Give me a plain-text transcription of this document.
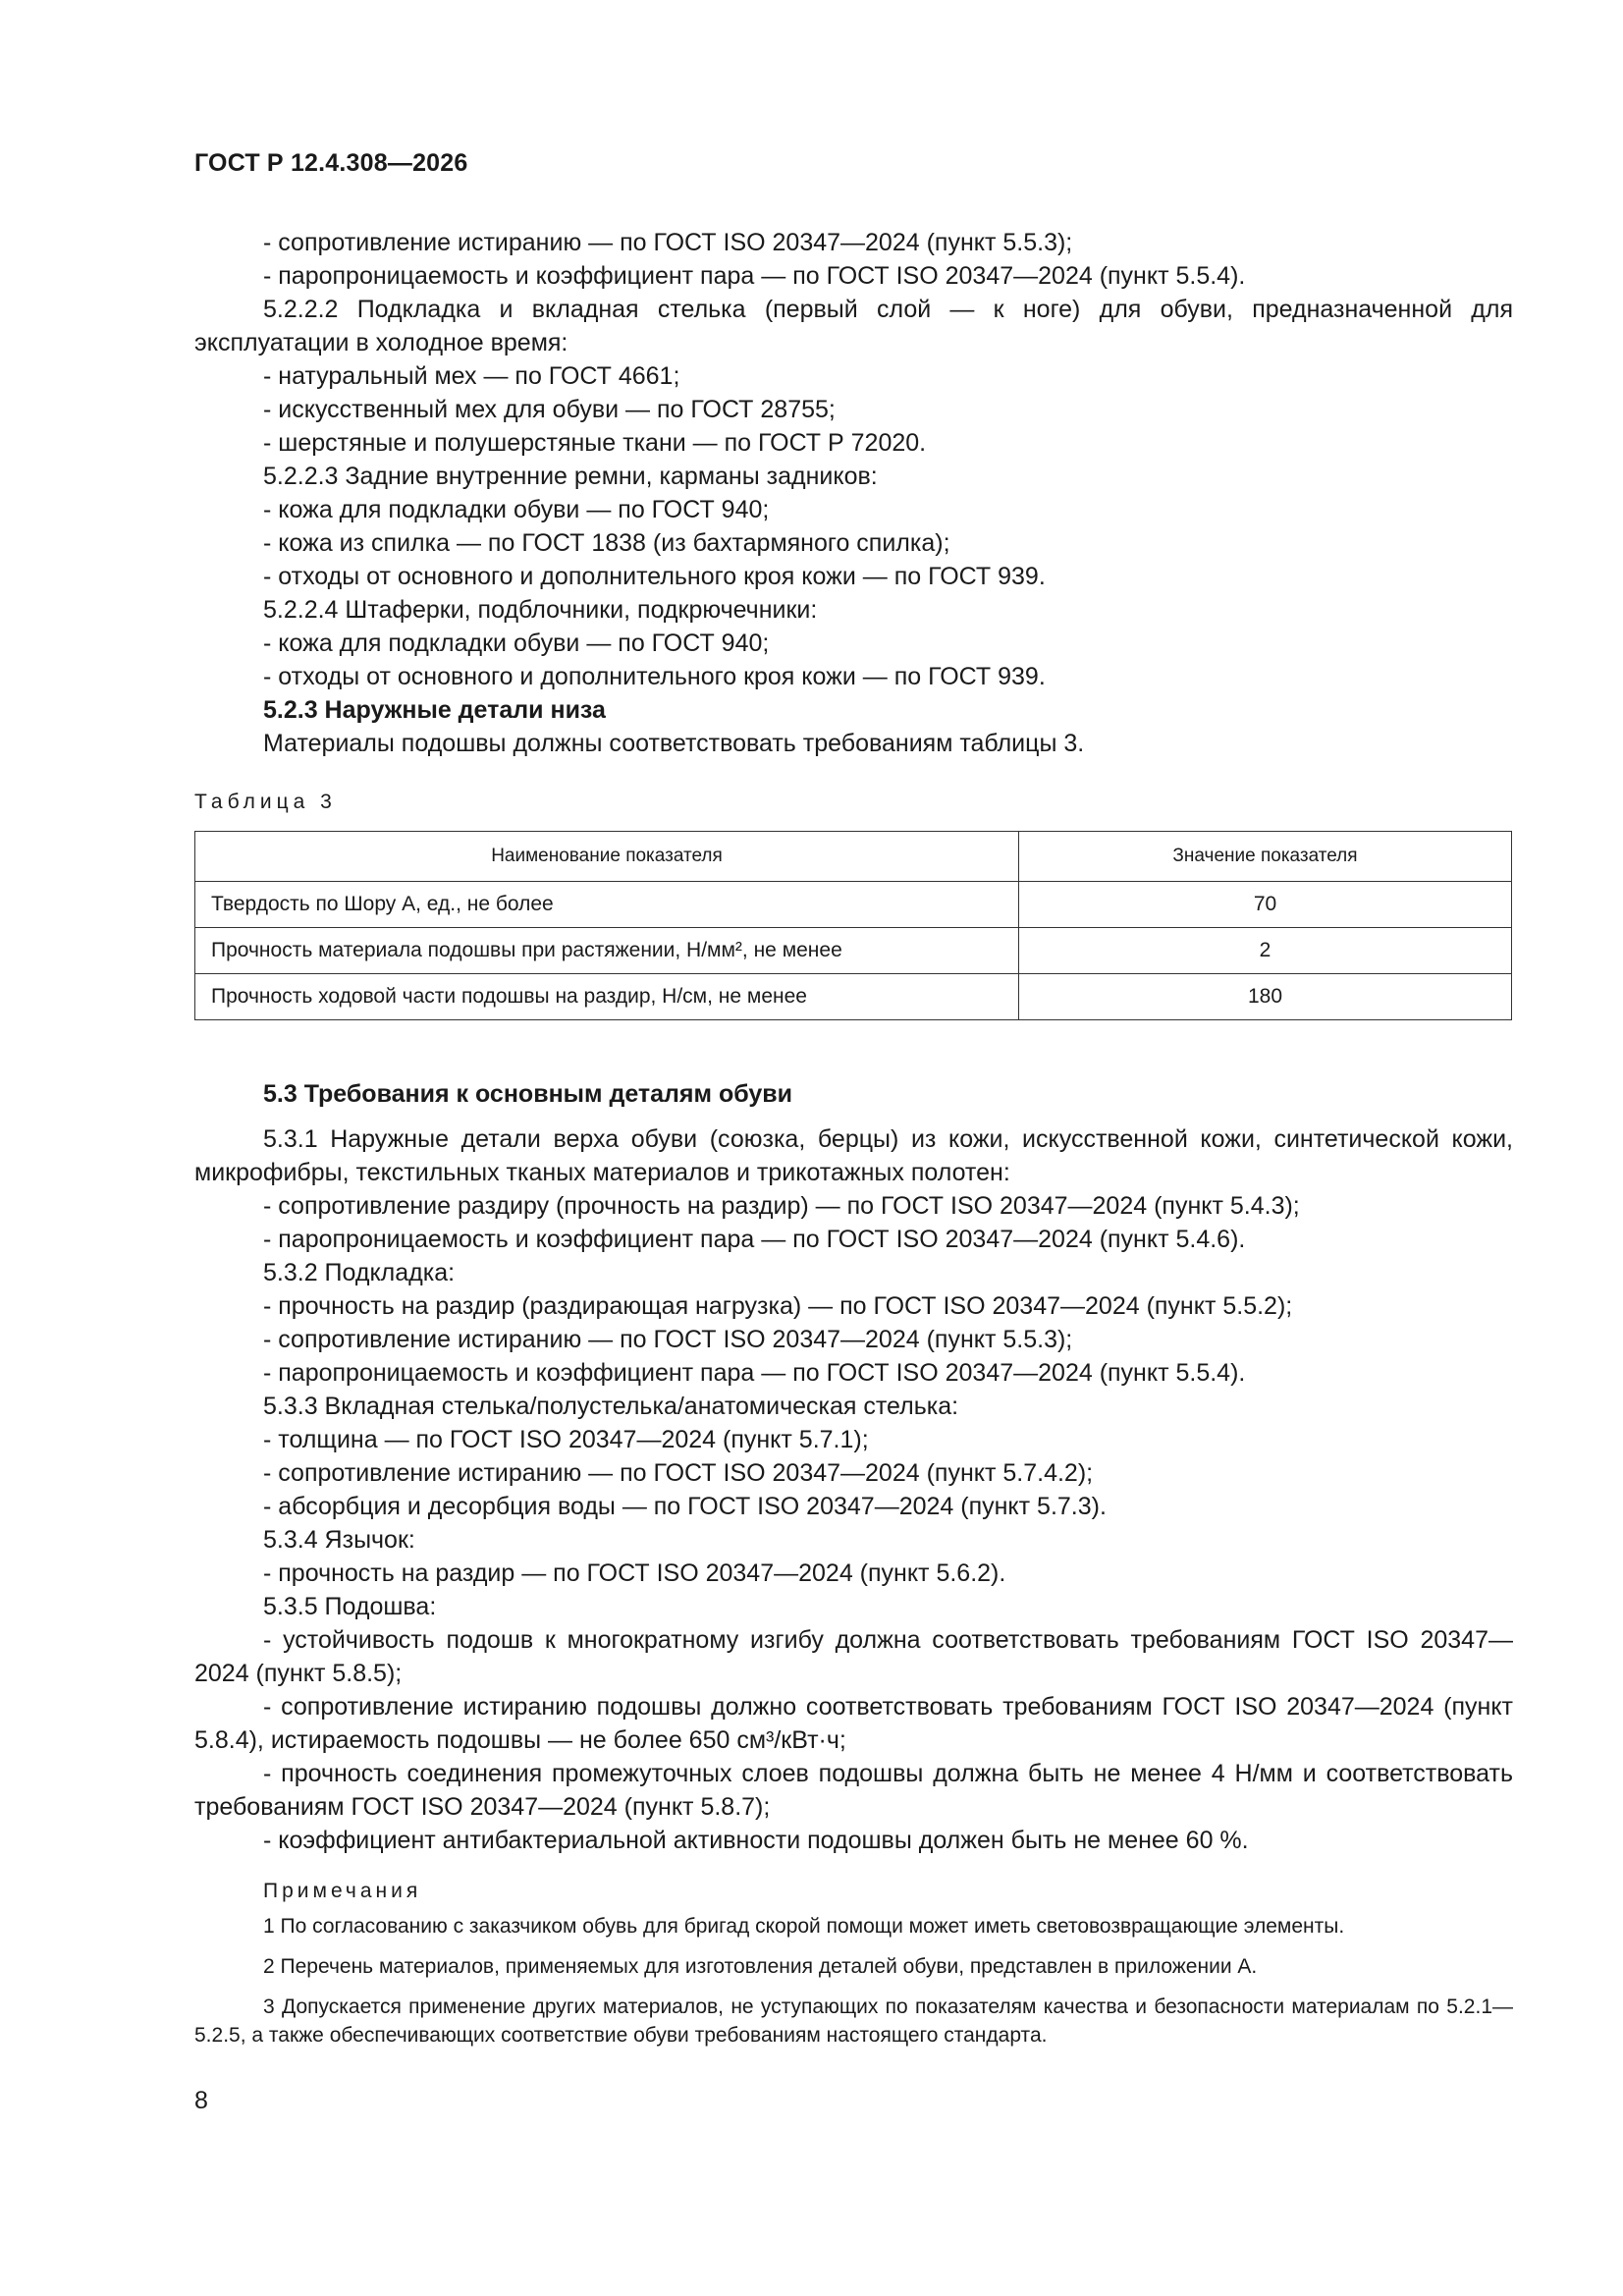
ГОСТ Р 12.4.308—2026

- сопротивление истиранию — по ГОСТ ISO 20347—2024 (пункт 5.5.3);

- паропроницаемость и коэффициент пара — по ГОСТ ISO 20347—2024 (пункт 5.5.4).

5.2.2.2 Подкладка и вкладная стелька (первый слой — к ноге) для обуви, предназначенной для эксплуатации в холодное время:

- натуральный мех — по ГОСТ 4661;

- искусственный мех для обуви — по ГОСТ 28755;

- шерстяные и полушерстяные ткани — по ГОСТ Р 72020.

5.2.2.3 Задние внутренние ремни, карманы задников:

- кожа для подкладки обуви — по ГОСТ 940;

- кожа из спилка — по ГОСТ 1838 (из бахтармяного спилка);

- отходы от основного и дополнительного кроя кожи — по ГОСТ 939.

5.2.2.4 Штаферки, подблочники, подкрючечники:

- кожа для подкладки обуви — по ГОСТ 940;

- отходы от основного и дополнительного кроя кожи — по ГОСТ 939.

5.2.3 Наружные детали низа

Материалы подошвы должны соответствовать требованиям таблицы 3.

Таблица 3

Наименование показателя	Значение показателя
Твердость по Шору А, ед., не более	70
Прочность материала подошвы при растяжении, Н/мм², не менее	2
Прочность ходовой части подошвы на раздир, Н/см, не менее	180

5.3 Требования к основным деталям обуви

5.3.1 Наружные детали верха обуви (союзка, берцы) из кожи, искусственной кожи, синтетической кожи, микрофибры, текстильных тканых материалов и трикотажных полотен:

- сопротивление раздиру (прочность на раздир) — по ГОСТ ISO 20347—2024 (пункт 5.4.3);

- паропроницаемость и коэффициент пара — по ГОСТ ISO 20347—2024 (пункт 5.4.6).

5.3.2 Подкладка:

- прочность на раздир (раздирающая нагрузка) — по ГОСТ ISO 20347—2024 (пункт 5.5.2);

- сопротивление истиранию — по ГОСТ ISO 20347—2024 (пункт 5.5.3);

- паропроницаемость и коэффициент пара — по ГОСТ ISO 20347—2024 (пункт 5.5.4).

5.3.3 Вкладная стелька/полустелька/анатомическая стелька:

- толщина — по ГОСТ ISO 20347—2024 (пункт 5.7.1);

- сопротивление истиранию — по ГОСТ ISO 20347—2024 (пункт 5.7.4.2);

- абсорбция и десорбция воды — по ГОСТ ISO 20347—2024 (пункт 5.7.3).

5.3.4 Язычок:

- прочность на раздир — по ГОСТ ISO 20347—2024 (пункт 5.6.2).

5.3.5 Подошва:

- устойчивость подошв к многократному изгибу должна соответствовать требованиям ГОСТ ISO 20347—2024 (пункт 5.8.5);

- сопротивление истиранию подошвы должно соответствовать требованиям ГОСТ ISO 20347—2024 (пункт 5.8.4), истираемость подошвы — не более 650 см³/кВт·ч;

- прочность соединения промежуточных слоев подошвы должна быть не менее 4 Н/мм и соответствовать требованиям ГОСТ ISO 20347—2024 (пункт 5.8.7);

- коэффициент антибактериальной активности подошвы должен быть не менее 60 %.

Примечания

1 По согласованию с заказчиком обувь для бригад скорой помощи может иметь световозвращающие элементы.

2 Перечень материалов, применяемых для изготовления деталей обуви, представлен в приложении А.

3 Допускается применение других материалов, не уступающих по показателям качества и безопасности материалам по 5.2.1—5.2.5, а также обеспечивающих соответствие обуви требованиям настоящего стандарта.

8
